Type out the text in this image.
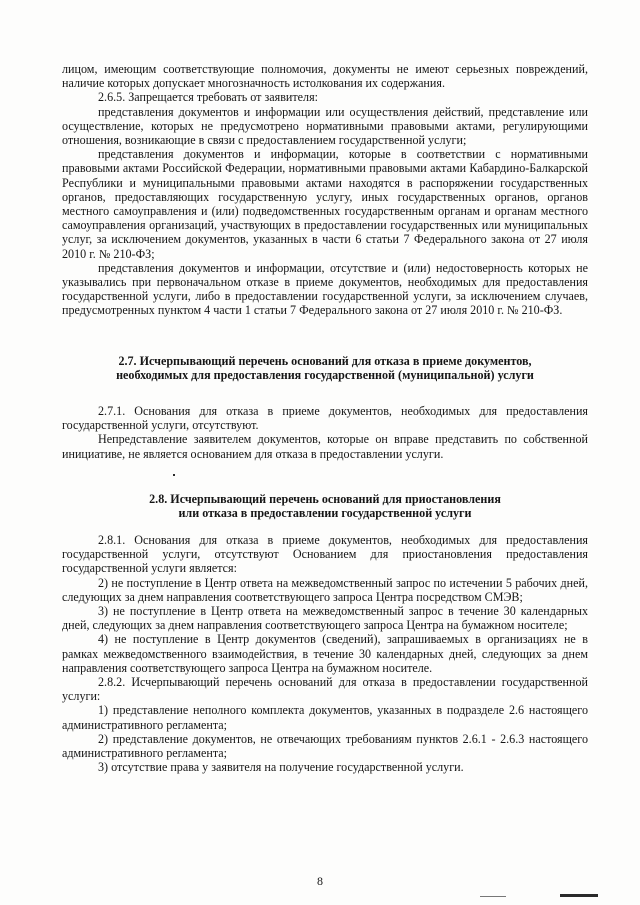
лицом, имеющим соответствующие полномочия, документы не имеют серьезных повреждений, наличие которых допускает многозначность истолкования их содержания.

2.6.5. Запрещается требовать от заявителя:

представления документов и информации или осуществления действий, представление или осуществление, которых не предусмотрено нормативными правовыми актами, регулирующими отношения, возникающие в связи с предоставлением государственной услуги;

представления документов и информации, которые в соответствии с нормативными правовыми актами Российской Федерации, нормативными правовыми актами Кабардино-Балкарской Республики и муниципальными правовыми актами находятся в распоряжении государственных органов, предоставляющих государственную услугу, иных государственных органов, органов местного самоуправления и (или) подведомственных государственным органам и органам местного самоуправления организаций, участвующих в предоставлении государственных или муниципальных услуг, за исключением документов, указанных в части 6 статьи 7 Федерального закона от 27 июля 2010 г. № 210-ФЗ;

представления документов и информации, отсутствие и (или) недостоверность которых не указывались при первоначальном отказе в приеме документов, необходимых для предоставления государственной услуги, либо в предоставлении государственной услуги, за исключением случаев, предусмотренных пунктом 4 части 1 статьи 7 Федерального закона от 27 июля 2010 г. № 210-ФЗ.

2.7. Исчерпывающий перечень оснований для отказа в приеме документов,

необходимых для предоставления государственной (муниципальной) услуги

2.7.1. Основания для отказа в приеме документов, необходимых для предоставления государственной услуги, отсутствуют.

Непредставление заявителем документов, которые он вправе представить по собственной инициативе, не является основанием для отказа в предоставлении услуги.

2.8. Исчерпывающий перечень оснований для приостановления

или отказа в предоставлении государственной услуги

2.8.1. Основания для отказа в приеме документов, необходимых для предоставления государственной услуги, отсутствуют Основанием для приостановления предоставления государственной услуги является:

2) не поступление в Центр ответа на межведомственный запрос по истечении 5 рабочих дней, следующих за днем направления соответствующего запроса Центра посредством СМЭВ;

3) не поступление в Центр ответа на межведомственный запрос в течение 30 календарных дней, следующих за днем направления соответствующего запроса Центра на бумажном носителе;

4) не поступление в Центр документов (сведений), запрашиваемых в организациях не в рамках межведомственного взаимодействия, в течение 30 календарных дней, следующих за днем направления соответствующего запроса Центра на бумажном носителе.

2.8.2. Исчерпывающий перечень оснований для отказа в предоставлении государственной услуги:

1) представление неполного комплекта документов, указанных в подразделе 2.6 настоящего административного регламента;

2) представление документов, не отвечающих требованиям пунктов 2.6.1 - 2.6.3 настоящего административного регламента;

3) отсутствие права у заявителя на получение государственной услуги.

8
